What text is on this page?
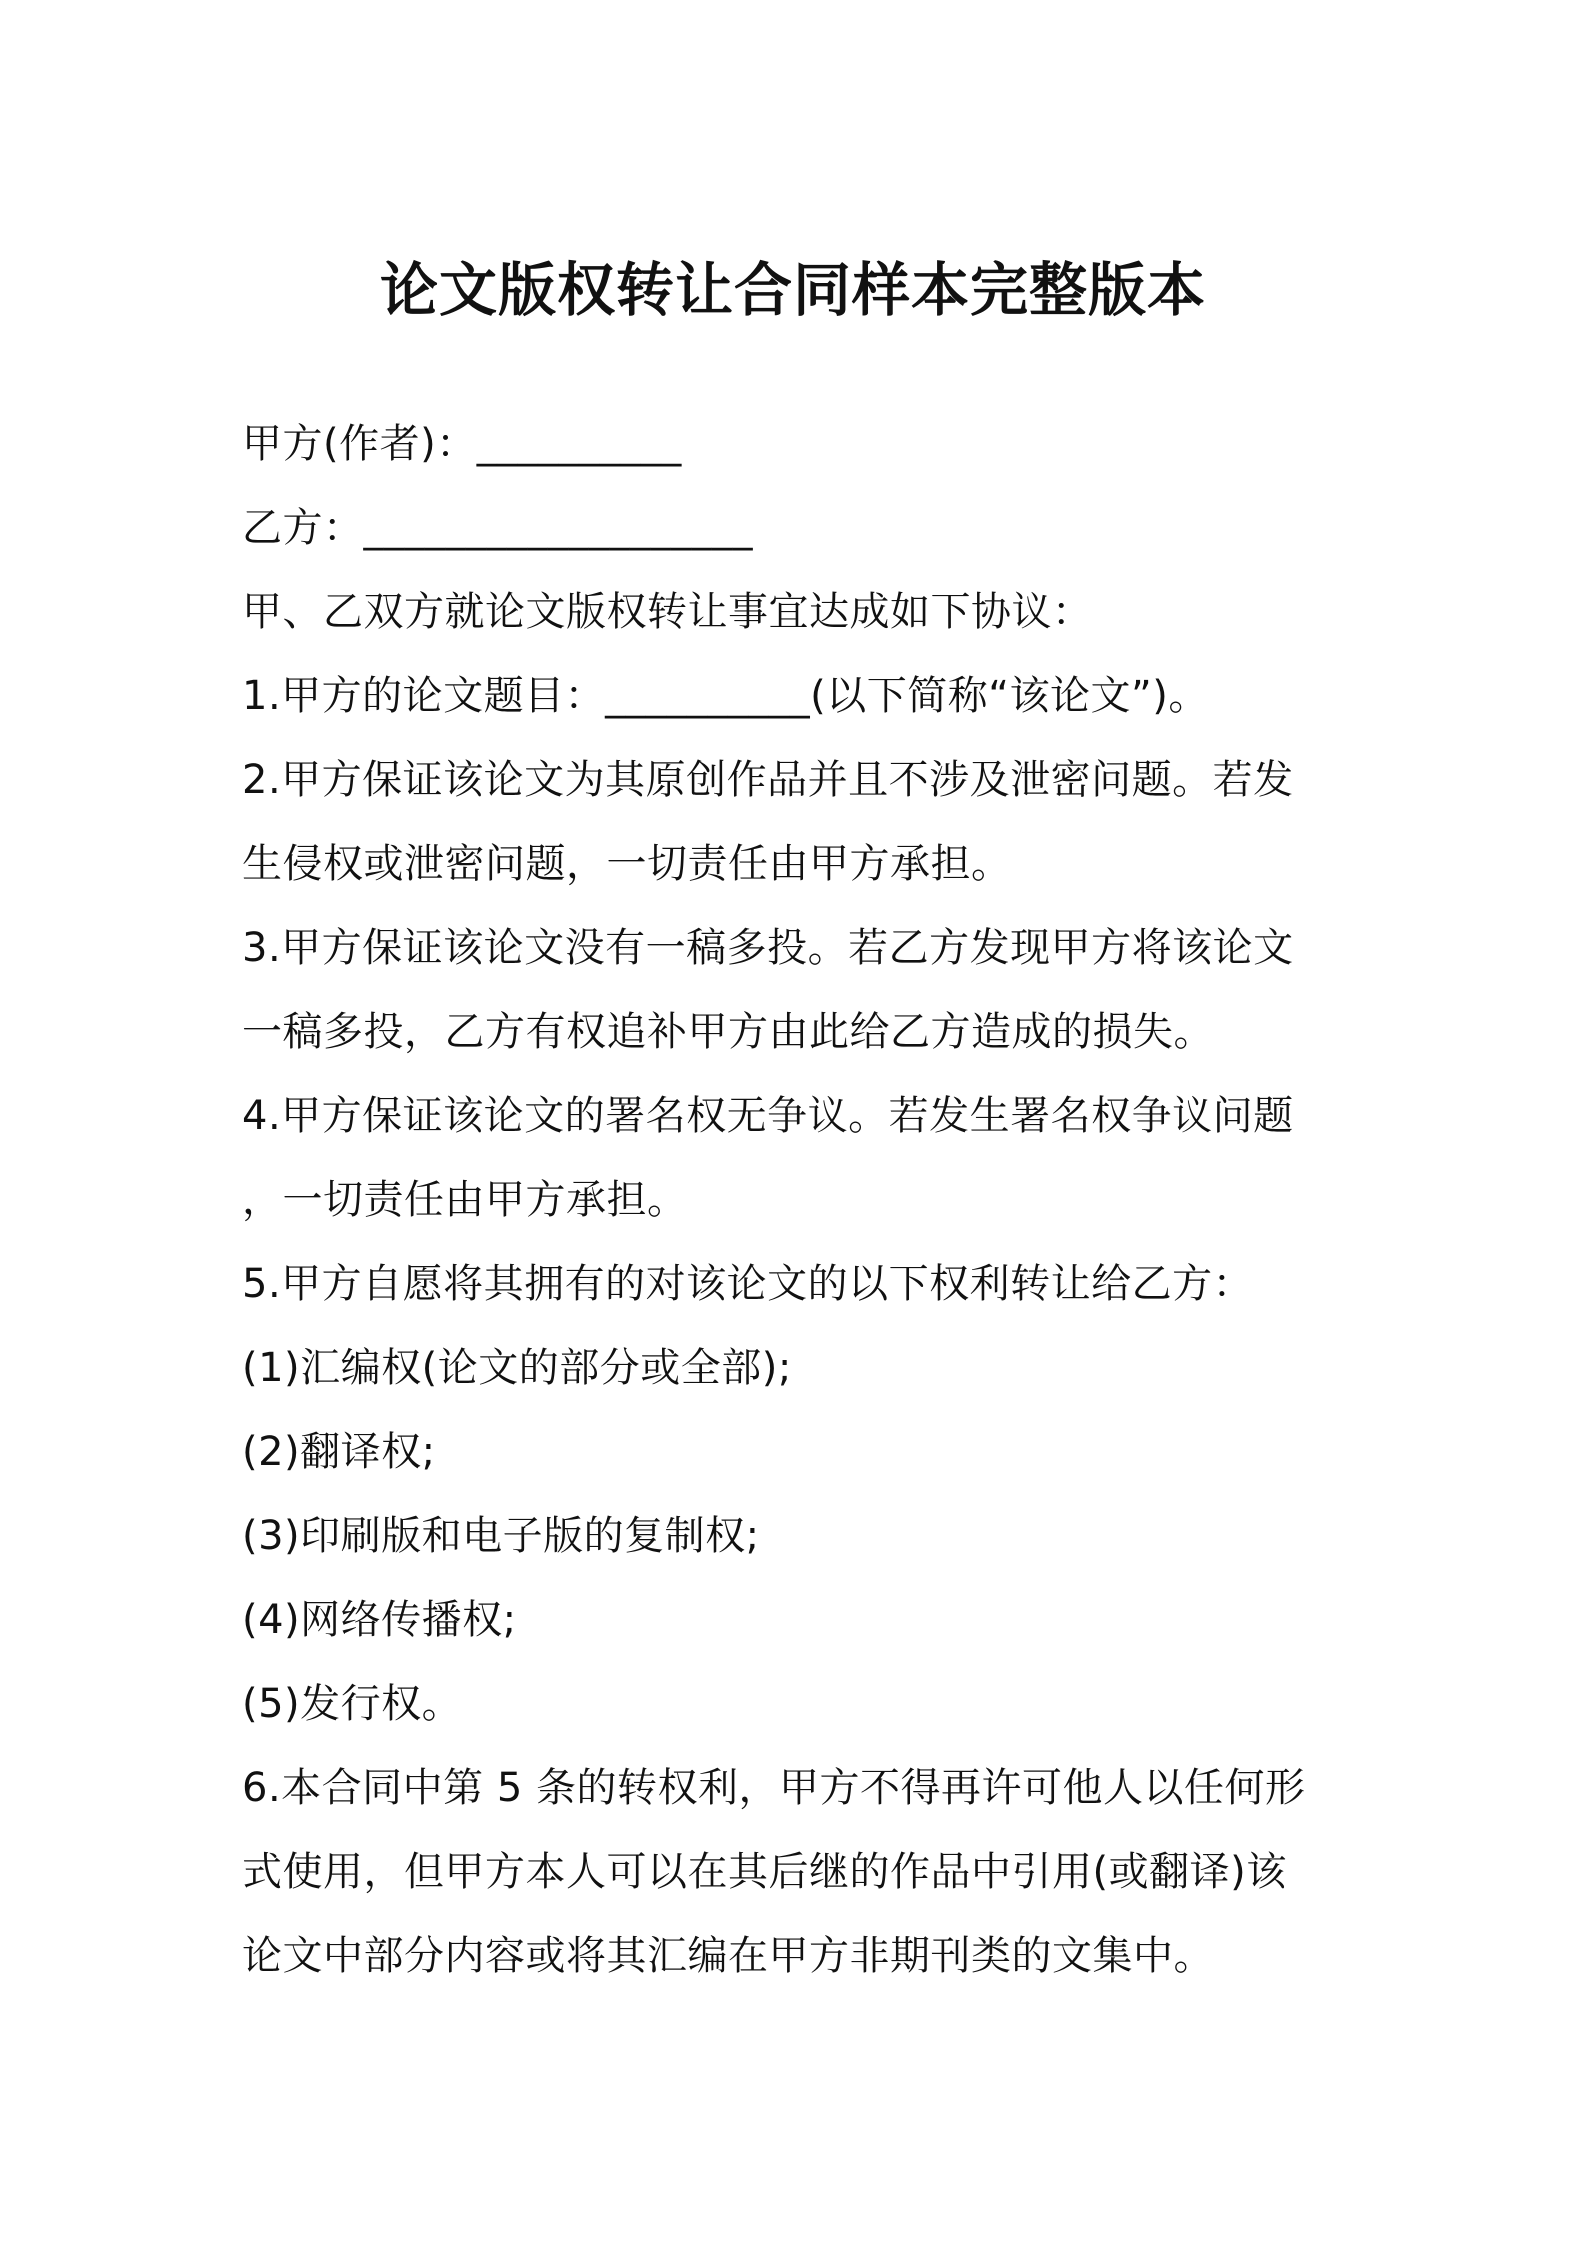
论文版权转让合同样本完整版本
甲方(作者)：__________
乙方：___________________
甲、乙双方就论文版权转让事宜达成如下协议：
1.甲方的论文题目：__________(以下简称“该论文”)。
2.甲方保证该论文为其原创作品并且不涉及泄密问题。若发
生侵权或泄密问题，一切责任由甲方承担。
3.甲方保证该论文没有一稿多投。若乙方发现甲方将该论文
一稿多投，乙方有权追补甲方由此给乙方造成的损失。
4.甲方保证该论文的署名权无争议。若发生署名权争议问题
，一切责任由甲方承担。
5.甲方自愿将其拥有的对该论文的以下权利转让给乙方：
(1)汇编权(论文的部分或全部);
(2)翻译权;
(3)印刷版和电子版的复制权;
(4)网络传播权;
(5)发行权。
6.本合同中第 5 条的转权利，甲方不得再许可他人以任何形
式使用，但甲方本人可以在其后继的作品中引用(或翻译)该
论文中部分内容或将其汇编在甲方非期刊类的文集中。
